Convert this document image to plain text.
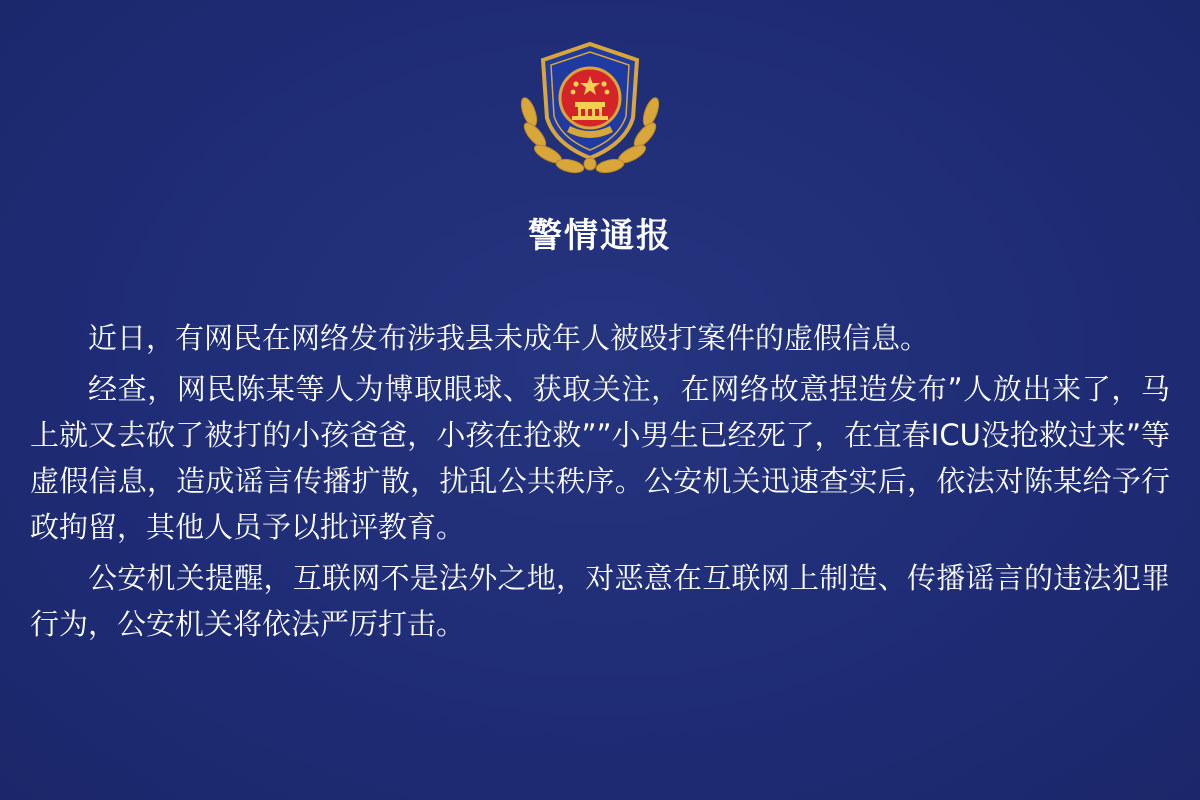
警情通报

近日，有网民在网络发布涉我县未成年人被殴打案件的虚假信息。

经查，网民陈某等人为博取眼球、获取关注，在网络故意捏造发布”人放出来了，马上就又去砍了被打的小孩爸爸，小孩在抢救””小男生已经死了，在宜春ICU没抢救过来”等虚假信息，造成谣言传播扩散，扰乱公共秩序。公安机关迅速查实后，依法对陈某给予行政拘留，其他人员予以批评教育。

公安机关提醒，互联网不是法外之地，对恶意在互联网上制造、传播谣言的违法犯罪行为，公安机关将依法严厉打击。
